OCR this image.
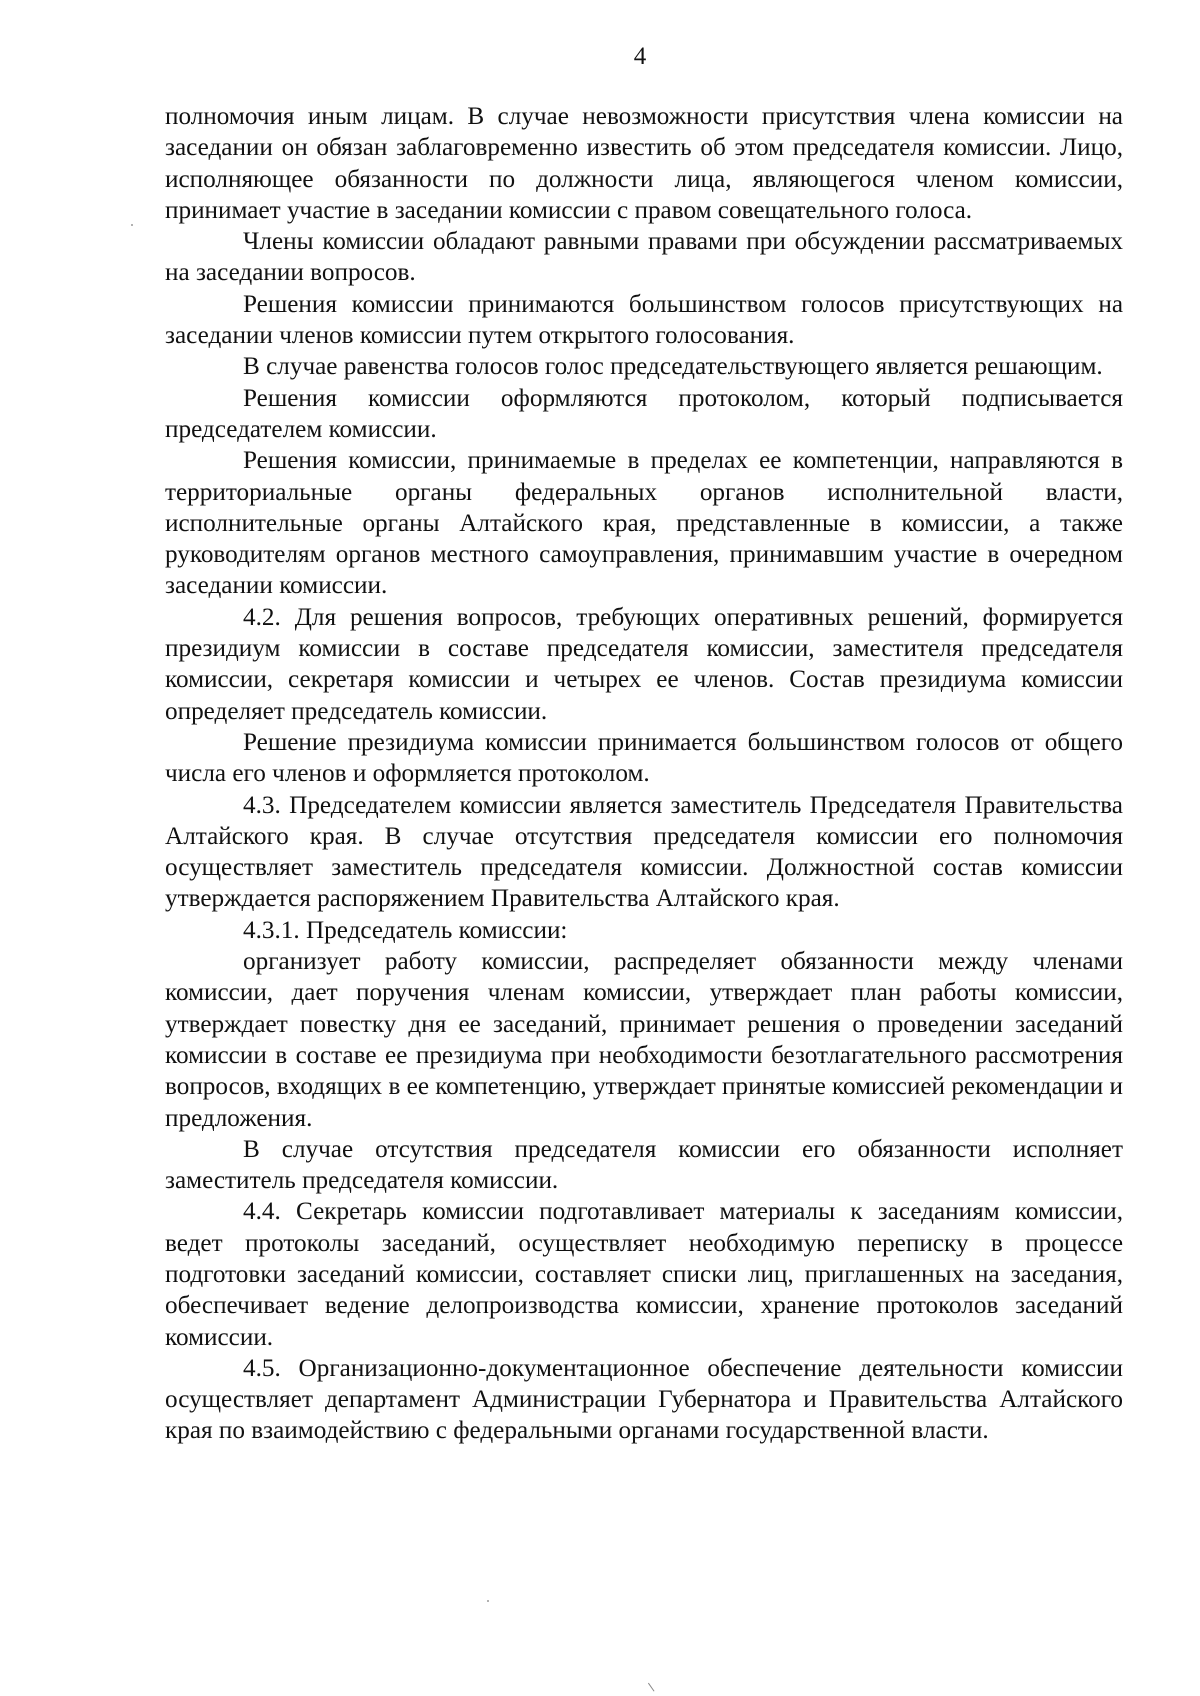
4

полномочия иным лицам. В случае невозможности присутствия члена комиссии на заседании он обязан заблаговременно известить об этом председателя комиссии. Лицо, исполняющее обязанности по должности лица, являющегося членом комиссии, принимает участие в заседании комиссии с правом совещательного голоса.

Члены комиссии обладают равными правами при обсуждении рассматриваемых на заседании вопросов.

Решения комиссии принимаются большинством голосов присутствующих на заседании членов комиссии путем открытого голосования.

В случае равенства голосов голос председательствующего является решающим.

Решения комиссии оформляются протоколом, который подписывается председателем комиссии.

Решения комиссии, принимаемые в пределах ее компетенции, направляются в территориальные органы федеральных органов исполнительной власти, исполнительные органы Алтайского края, представленные в комиссии, а также руководителям органов местного самоуправления, принимавшим участие в очередном заседании комиссии.

4.2. Для решения вопросов, требующих оперативных решений, формируется президиум комиссии в составе председателя комиссии, заместителя председателя комиссии, секретаря комиссии и четырех ее членов. Состав президиума комиссии определяет председатель комиссии.

Решение президиума комиссии принимается большинством голосов от общего числа его членов и оформляется протоколом.

4.3. Председателем комиссии является заместитель Председателя Правительства Алтайского края. В случае отсутствия председателя комиссии его полномочия осуществляет заместитель председателя комиссии. Должностной состав комиссии утверждается распоряжением Правительства Алтайского края.

4.3.1. Председатель комиссии:

организует работу комиссии, распределяет обязанности между членами комиссии, дает поручения членам комиссии, утверждает план работы комиссии, утверждает повестку дня ее заседаний, принимает решения о проведении заседаний комиссии в составе ее президиума при необходимости безотлагательного рассмотрения вопросов, входящих в ее компетенцию, утверждает принятые комиссией рекомендации и предложения.

В случае отсутствия председателя комиссии его обязанности исполняет заместитель председателя комиссии.

4.4. Секретарь комиссии подготавливает материалы к заседаниям комиссии, ведет протоколы заседаний, осуществляет необходимую переписку в процессе подготовки заседаний комиссии, составляет списки лиц, приглашенных на заседания, обеспечивает ведение делопроизводства комиссии, хранение протоколов заседаний комиссии.

4.5. Организационно-документационное обеспечение деятельности комиссии осуществляет департамент Администрации Губернатора и Правительства Алтайского края по взаимодействию с федеральными органами государственной власти.
